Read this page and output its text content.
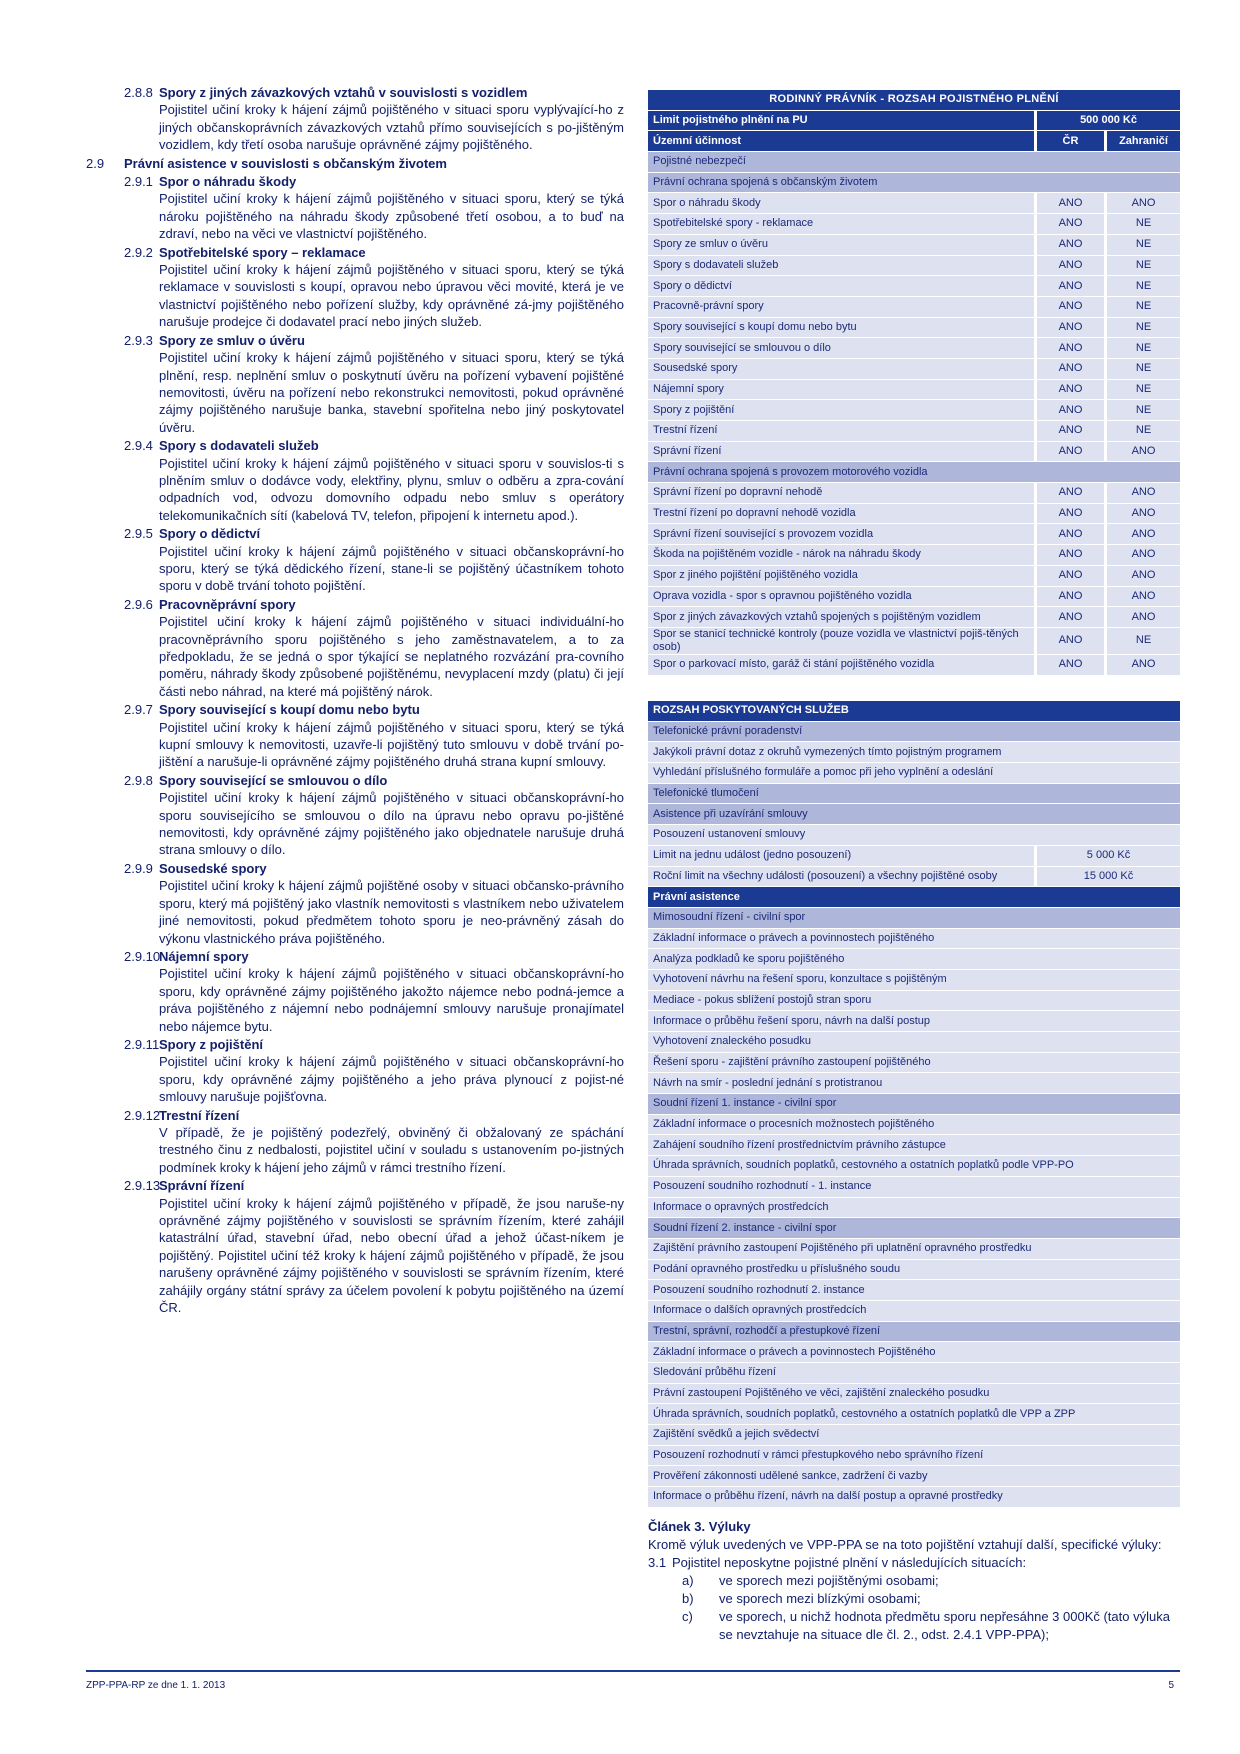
2.8.8 Spory z jiných závazkových vztahů v souvislosti s vozidlem
Pojistitel učiní kroky k hájení zájmů pojištěného v situaci sporu vyplývající-ho z jiných občanskoprávních závazkových vztahů přímo souvisejících s po-jištěným vozidlem, kdy třetí osoba narušuje oprávněné zájmy pojištěného.
2.9	Právní asistence v souvislosti s občanským životem
2.9.1 Spor o náhradu škody
Pojistitel učiní kroky k hájení zájmů pojištěného v situaci sporu, který se týká nároku pojištěného na náhradu škody způsobené třetí osobou, a to buď na zdraví, nebo na věci ve vlastnictví pojištěného.
2.9.2 Spotřebitelské spory – reklamace
Pojistitel učiní kroky k hájení zájmů pojištěného v situaci sporu, který se týká reklamace v souvislosti s koupí, opravou nebo úpravou věci movité, která je ve vlastnictví pojištěného nebo pořízení služby, kdy oprávněné zá-jmy pojištěného narušuje prodejce či dodavatel prací nebo jiných služeb.
2.9.3 Spory ze smluv o úvěru
Pojistitel učiní kroky k hájení zájmů pojištěného v situaci sporu, který se týká plnění, resp. neplnění smluv o poskytnutí úvěru na pořízení vybavení pojištěné nemovitosti, úvěru na pořízení nebo rekonstrukci nemovitosti, pokud oprávněné zájmy pojištěného narušuje banka, stavební spořitelna nebo jiný poskytovatel úvěru.
2.9.4 Spory s dodavateli služeb
Pojistitel učiní kroky k hájení zájmů pojištěného v situaci sporu v souvislos-ti s plněním smluv o dodávce vody, elektřiny, plynu, smluv o odběru a zpra-cování odpadních vod, odvozu domovního odpadu nebo smluv s operátory telekomunikačních sítí (kabelová TV, telefon, připojení k internetu apod.).
2.9.5 Spory o dědictví
Pojistitel učiní kroky k hájení zájmů pojištěného v situaci občanskoprávní-ho sporu, který se týká dědického řízení, stane-li se pojištěný účastníkem tohoto sporu v době trvání tohoto pojištění.
2.9.6 Pracovněprávní spory
Pojistitel učiní kroky k hájení zájmů pojištěného v situaci individuální-ho pracovněprávního sporu pojištěného s jeho zaměstnavatelem, a to za předpokladu, že se jedná o spor týkající se neplatného rozvázání pra-covního poměru, náhrady škody způsobené pojištěnému, nevyplacení mzdy (platu) či její části nebo náhrad, na které má pojištěný nárok.
2.9.7 Spory související s koupí domu nebo bytu
Pojistitel učiní kroky k hájení zájmů pojištěného v situaci sporu, který se týká kupní smlouvy k nemovitosti, uzavře-li pojištěný tuto smlouvu v době trvání po-jištění a narušuje-li oprávněné zájmy pojištěného druhá strana kupní smlouvy.
2.9.8 Spory související se smlouvou o dílo
Pojistitel učiní kroky k hájení zájmů pojištěného v situaci občanskoprávní-ho sporu souvisejícího se smlouvou o dílo na úpravu nebo opravu po-jištěné nemovitosti, kdy oprávněné zájmy pojištěného jako objednatele narušuje druhá strana smlouvy o dílo.
2.9.9 Sousedské spory
Pojistitel učiní kroky k hájení zájmů pojištěné osoby v situaci občansko-právního sporu, který má pojištěný jako vlastník nemovitosti s vlastníkem nebo uživatelem jiné nemovitosti, pokud předmětem tohoto sporu je neo-právněný zásah do výkonu vlastnického práva pojištěného.
2.9.10
Nájemní spory
Pojistitel učiní kroky k hájení zájmů pojištěného v situaci občanskoprávní-ho sporu, kdy oprávněné zájmy pojištěného jakožto nájemce nebo podná-jemce a práva pojištěného z nájemní nebo podnájemní smlouvy narušuje pronajímatel nebo nájemce bytu.
2.9.11 Spory z pojištění
Pojistitel učiní kroky k hájení zájmů pojištěného v situaci občanskoprávní-ho sporu, kdy oprávněné zájmy pojištěného a jeho práva plynoucí z pojist-né smlouvy narušuje pojišťovna.
2.9.12
Trestní řízení
V případě, že je pojištěný podezřelý, obviněný či obžalovaný ze spáchání trestného činu z nedbalosti, pojistitel učiní v souladu s ustanovením po-jistných podmínek kroky k hájení jeho zájmů v rámci trestního řízení.
2.9.13
Správní řízení
Pojistitel učiní kroky k hájení zájmů pojištěného v případě, že jsou naruše-ny oprávněné zájmy pojištěného v souvislosti se správním řízením, které zahájil katastrální úřad, stavební úřad, nebo obecní úřad a jehož účast-níkem je pojištěný. Pojistitel učiní též kroky k hájení zájmů pojištěného v případě, že jsou narušeny oprávněné zájmy pojištěného v souvislosti se správním řízením, které zahájily orgány státní správy za účelem povolení k pobytu pojištěného na území ČR.
RODINNÝ PRÁVNÍK - ROZSAH POJISTNÉHO PLNĚNÍ		
Limit pojistného plnění na PU	500 000 Kč	
Územní účinnost	ČR	Zahraničí
Pojistné nebezpečí		
Právní ochrana spojená s občanským životem		
Spor o náhradu škody	ANO	ANO
Spotřebitelské spory - reklamace	ANO	NE
Spory ze smluv o úvěru	ANO	NE
Spory s dodavateli služeb	ANO	NE
Spory o dědictví	ANO	NE
Pracovně-právní spory	ANO	NE
Spory související s koupí domu nebo bytu	ANO	NE
Spory související se smlouvou o dílo	ANO	NE
Sousedské spory	ANO	NE
Nájemní spory	ANO	NE
Spory z pojištění	ANO	NE
Trestní řízení	ANO	NE
Správní řízení	ANO	ANO
Právní ochrana spojená s provozem motorového vozidla		
Správní řízení po dopravní nehodě	ANO	ANO
Trestní řízení po dopravní nehodě vozidla	ANO	ANO
Správní řízení související s provozem vozidla	ANO	ANO
Škoda na pojištěném vozidle - nárok na náhradu škody	ANO	ANO
Spor z jiného pojištění pojištěného vozidla	ANO	ANO
Oprava vozidla - spor s opravnou pojištěného vozidla	ANO	ANO
Spor z jiných závazkových vztahů spojených s pojištěným vozidlem	ANO	ANO
Spor se stanicí technické kontroly (pouze vozidla ve vlastnictví pojiš-těných osob)	ANO	NE
Spor o parkovací místo, garáž či stání pojištěného vozidla	ANO	ANO
ROZSAH POSKYTOVANÝCH SLUŽEB	
Telefonické právní poradenství	
Jakýkoli právní dotaz z okruhů vymezených tímto pojistným programem	
Vyhledání příslušného formuláře a pomoc při jeho vyplnění a odeslání	
Telefonické tlumočení	
Asistence při uzavírání smlouvy	
Posouzení ustanovení smlouvy	
Limit na jednu událost (jedno posouzení)	5 000 Kč
Roční limit na všechny události (posouzení) a všechny pojištěné osoby	15 000 Kč
Právní asistence	
Mimosoudní řízení - civilní spor	
Základní informace o právech a povinnostech pojištěného	
Analýza podkladů ke sporu pojištěného	
Vyhotovení návrhu na řešení sporu, konzultace s pojištěným	
Mediace - pokus sblížení postojů stran sporu	
Informace o průběhu řešení sporu, návrh na další postup	
Vyhotovení znaleckého posudku	
Řešení sporu - zajištění právního zastoupení pojištěného	
Návrh na smír - poslední jednání s protistranou	
Soudní řízení 1. instance - civilní spor	
Základní informace o procesních možnostech pojištěného	
Zahájení soudního řízení prostřednictvím právního zástupce	
Úhrada správních, soudních poplatků, cestovného a ostatních poplatků podle VPP-PO	
Posouzení soudního rozhodnutí - 1. instance	
Informace o opravných prostředcích	
Soudní řízení 2. instance - civilní spor	
Zajištění právního zastoupení Pojištěného při uplatnění opravného prostředku	
Podání opravného prostředku u příslušného soudu	
Posouzení soudního rozhodnutí 2. instance	
Informace o dalších opravných prostředcích	
Trestní, správní, rozhodčí a přestupkové řízení	
Základní informace o právech a povinnostech Pojištěného	
Sledování průběhu řízení	
Právní zastoupení Pojištěného ve věci, zajištění znaleckého posudku	
Úhrada správních, soudních poplatků, cestovného a ostatních poplatků dle VPP a ZPP	
Zajištění svědků a jejich svědectví	
Posouzení rozhodnutí v rámci přestupkového nebo správního řízení	
Prověření zákonnosti udělené sankce, zadržení či vazby	
Informace o průběhu řízení, návrh na další postup a opravné prostředky	
Článek 3. Výluky
Kromě výluk uvedených ve VPP-PPA se na toto pojištění vztahují další, specifické výluky:
3.1 Pojistitel neposkytne pojistné plnění v následujících situacích:
a) ve sporech mezi pojištěnými osobami;
b) ve sporech mezi blízkými osobami;
c) ve sporech, u nichž hodnota předmětu sporu nepřesáhne 3 000Kč (tato výluka se nevztahuje na situace dle čl. 2., odst. 2.4.1 VPP-PPA);
ZPP-PPA-RP ze dne 1. 1. 2013	5
